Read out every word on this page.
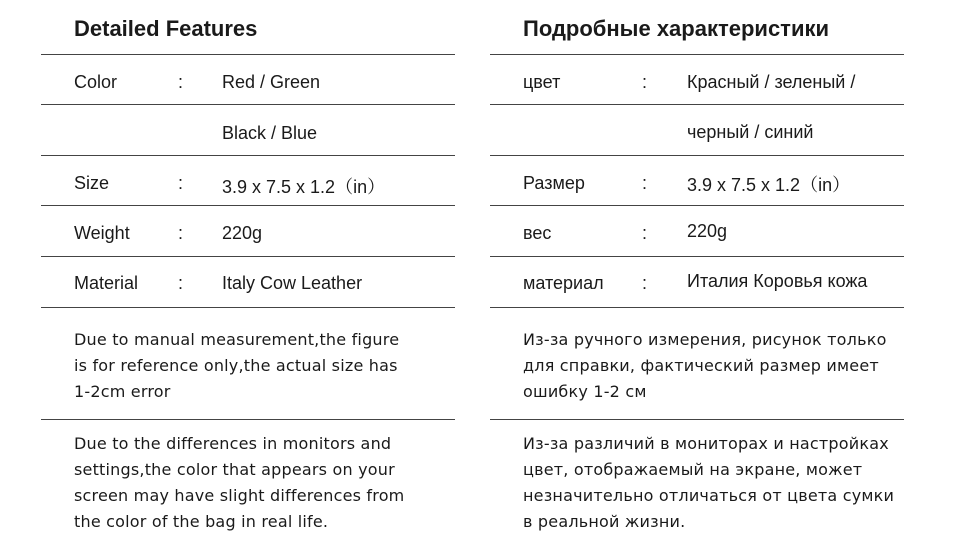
Detailed Features
Color	: Red / Green
Black / Blue
Size	: 3.9 x 7.5 x 1.2（in）
Weight	: 220g
Material : Italy Cow Leather
Due to manual measurement,the figure
is for reference only,the actual size has
1-2cm error
Due to the differences in monitors and
settings,the color that appears on your
screen may have slight differences from
the color of the bag in real life.
Подробные характеристики
цвет	: Красный / зеленый /
черный / синий
Размер	: 3.9 x 7.5 x 1.2（in）
вес	: 220g
материал : Италия Коровья кожа
Из-за ручного измерения, рисунок только
для справки, фактический размер имеет
ошибку 1-2 см
Из-за различий в мониторах и настройках
цвет, отображаемый на экране, может
незначительно отличаться от цвета сумки
в реальной жизни.
